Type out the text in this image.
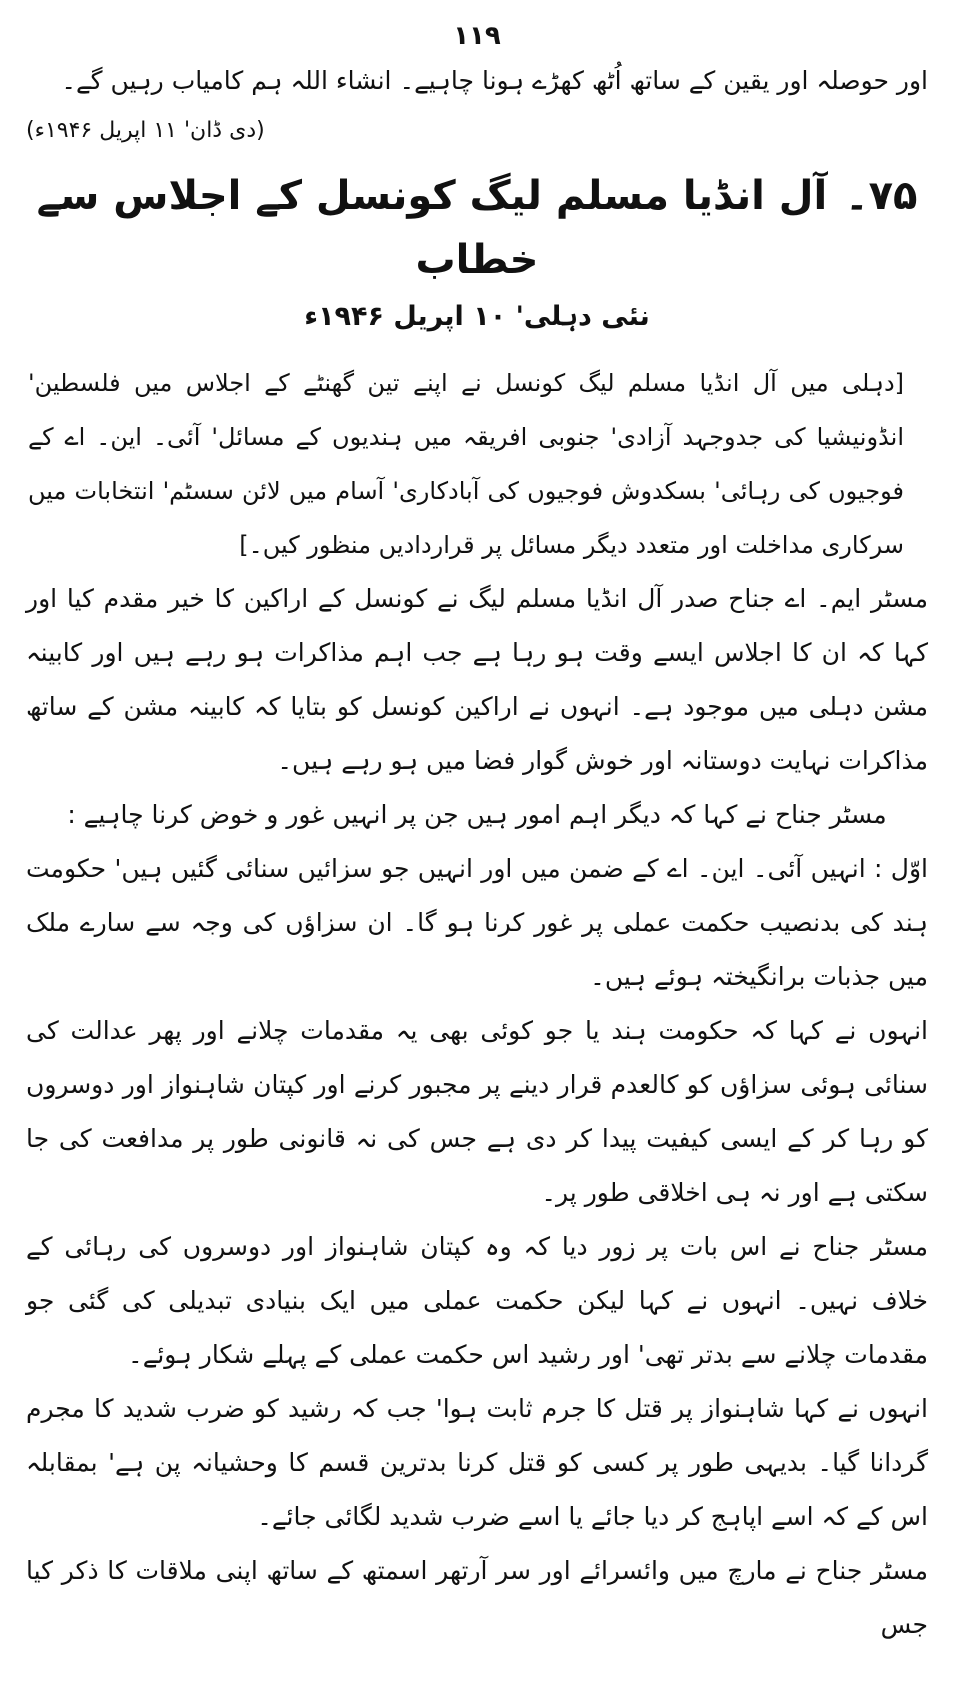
۱۱۹

اور حوصلہ اور یقین کے ساتھ اُٹھ کھڑے ہونا چاہیے۔ انشاء اللہ ہم کامیاب رہیں گے۔

(دی ڈان' ۱۱ اپریل ۱۹۴۶ء)

۷۵۔آل انڈیا مسلم لیگ کونسل کے اجلاس سے خطاب
نئی دہلی' ۱۰ اپریل ۱۹۴۶ء

[دہلی میں آل انڈیا مسلم لیگ کونسل نے اپنے تین گھنٹے کے اجلاس میں فلسطین' انڈونیشیا کی جدوجہد آزادی' جنوبی افریقہ میں ہندیوں کے مسائل' آئی۔ این۔ اے کے فوجیوں کی رہائی' بسکدوش فوجیوں کی آبادکاری' آسام میں لائن سسٹم' انتخابات میں سرکاری مداخلت اور متعدد دیگر مسائل پر قراردادیں منظور کیں۔]

مسٹر ایم۔ اے جناح صدر آل انڈیا مسلم لیگ نے کونسل کے اراکین کا خیر مقدم کیا اور کہا کہ ان کا اجلاس ایسے وقت ہو رہا ہے جب اہم مذاکرات ہو رہے ہیں اور کابینہ مشن دہلی میں موجود ہے۔ انہوں نے اراکین کونسل کو بتایا کہ کابینہ مشن کے ساتھ مذاکرات نہایت دوستانہ اور خوش گوار فضا میں ہو رہے ہیں۔

مسٹر جناح نے کہا کہ دیگر اہم امور ہیں جن پر انہیں غور و خوض کرنا چاہیے :

اوّل : انہیں آئی۔ این۔ اے کے ضمن میں اور انہیں جو سزائیں سنائی گئیں ہیں' حکومت ہند کی بدنصیب حکمت عملی پر غور کرنا ہو گا۔ ان سزاؤں کی وجہ سے سارے ملک میں جذبات برانگیختہ ہوئے ہیں۔

انہوں نے کہا کہ حکومت ہند یا جو کوئی بھی یہ مقدمات چلانے اور پھر عدالت کی سنائی ہوئی سزاؤں کو کالعدم قرار دینے پر مجبور کرنے اور کپتان شاہنواز اور دوسروں کو رہا کر کے ایسی کیفیت پیدا کر دی ہے جس کی نہ قانونی طور پر مدافعت کی جا سکتی ہے اور نہ ہی اخلاقی طور پر۔

مسٹر جناح نے اس بات پر زور دیا کہ وہ کپتان شاہنواز اور دوسروں کی رہائی کے خلاف نہیں۔ انہوں نے کہا لیکن حکمت عملی میں ایک بنیادی تبدیلی کی گئی جو مقدمات چلانے سے بدتر تھی' اور رشید اس حکمت عملی کے پہلے شکار ہوئے۔

انہوں نے کہا شاہنواز پر قتل کا جرم ثابت ہوا' جب کہ رشید کو ضرب شدید کا مجرم گردانا گیا۔ بدیہی طور پر کسی کو قتل کرنا بدترین قسم کا وحشیانہ پن ہے' بمقابلہ اس کے کہ اسے اپاہج کر دیا جائے یا اسے ضرب شدید لگائی جائے۔

مسٹر جناح نے مارچ میں وائسرائے اور سر آرتھر اسمتھ کے ساتھ اپنی ملاقات کا ذکر کیا جس
